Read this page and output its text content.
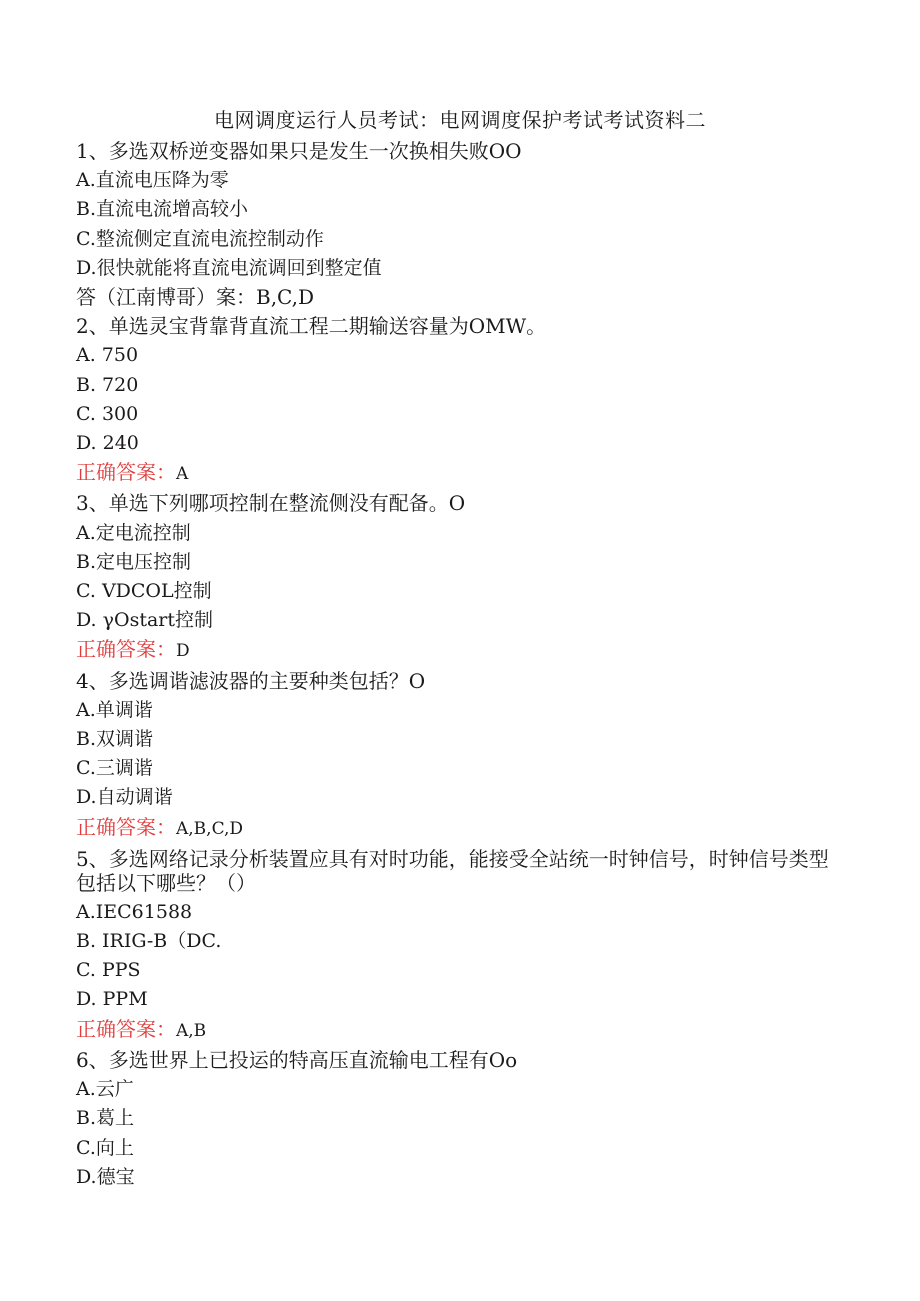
电网调度运行人员考试：电网调度保护考试考试资料二
1、多选双桥逆变器如果只是发生一次换相失败OO
A.直流电压降为零
B.直流电流增高较小
C.整流侧定直流电流控制动作
D.很快就能将直流电流调回到整定值
答（江南博哥）案：B,C,D
2、单选灵宝背靠背直流工程二期输送容量为OMW。
A. 750
B. 720
C. 300
D. 240
正确答案：A
3、单选下列哪项控制在整流侧没有配备。O
A.定电流控制
B.定电压控制
C. VDCOL控制
D. γOstart控制
正确答案：D
4、多选调谐滤波器的主要种类包括？O
A.单调谐
B.双调谐
C.三调谐
D.自动调谐
正确答案：A,B,C,D
5、多选网络记录分析装置应具有对时功能，能接受全站统一时钟信号，时钟信号类型包括以下哪些？（）
A.IEC61588
B. IRIG-B（DC.
C. PPS
D. PPM
正确答案：A,B
6、多选世界上已投运的特高压直流输电工程有Oo
A.云广
B.葛上
C.向上
D.德宝
